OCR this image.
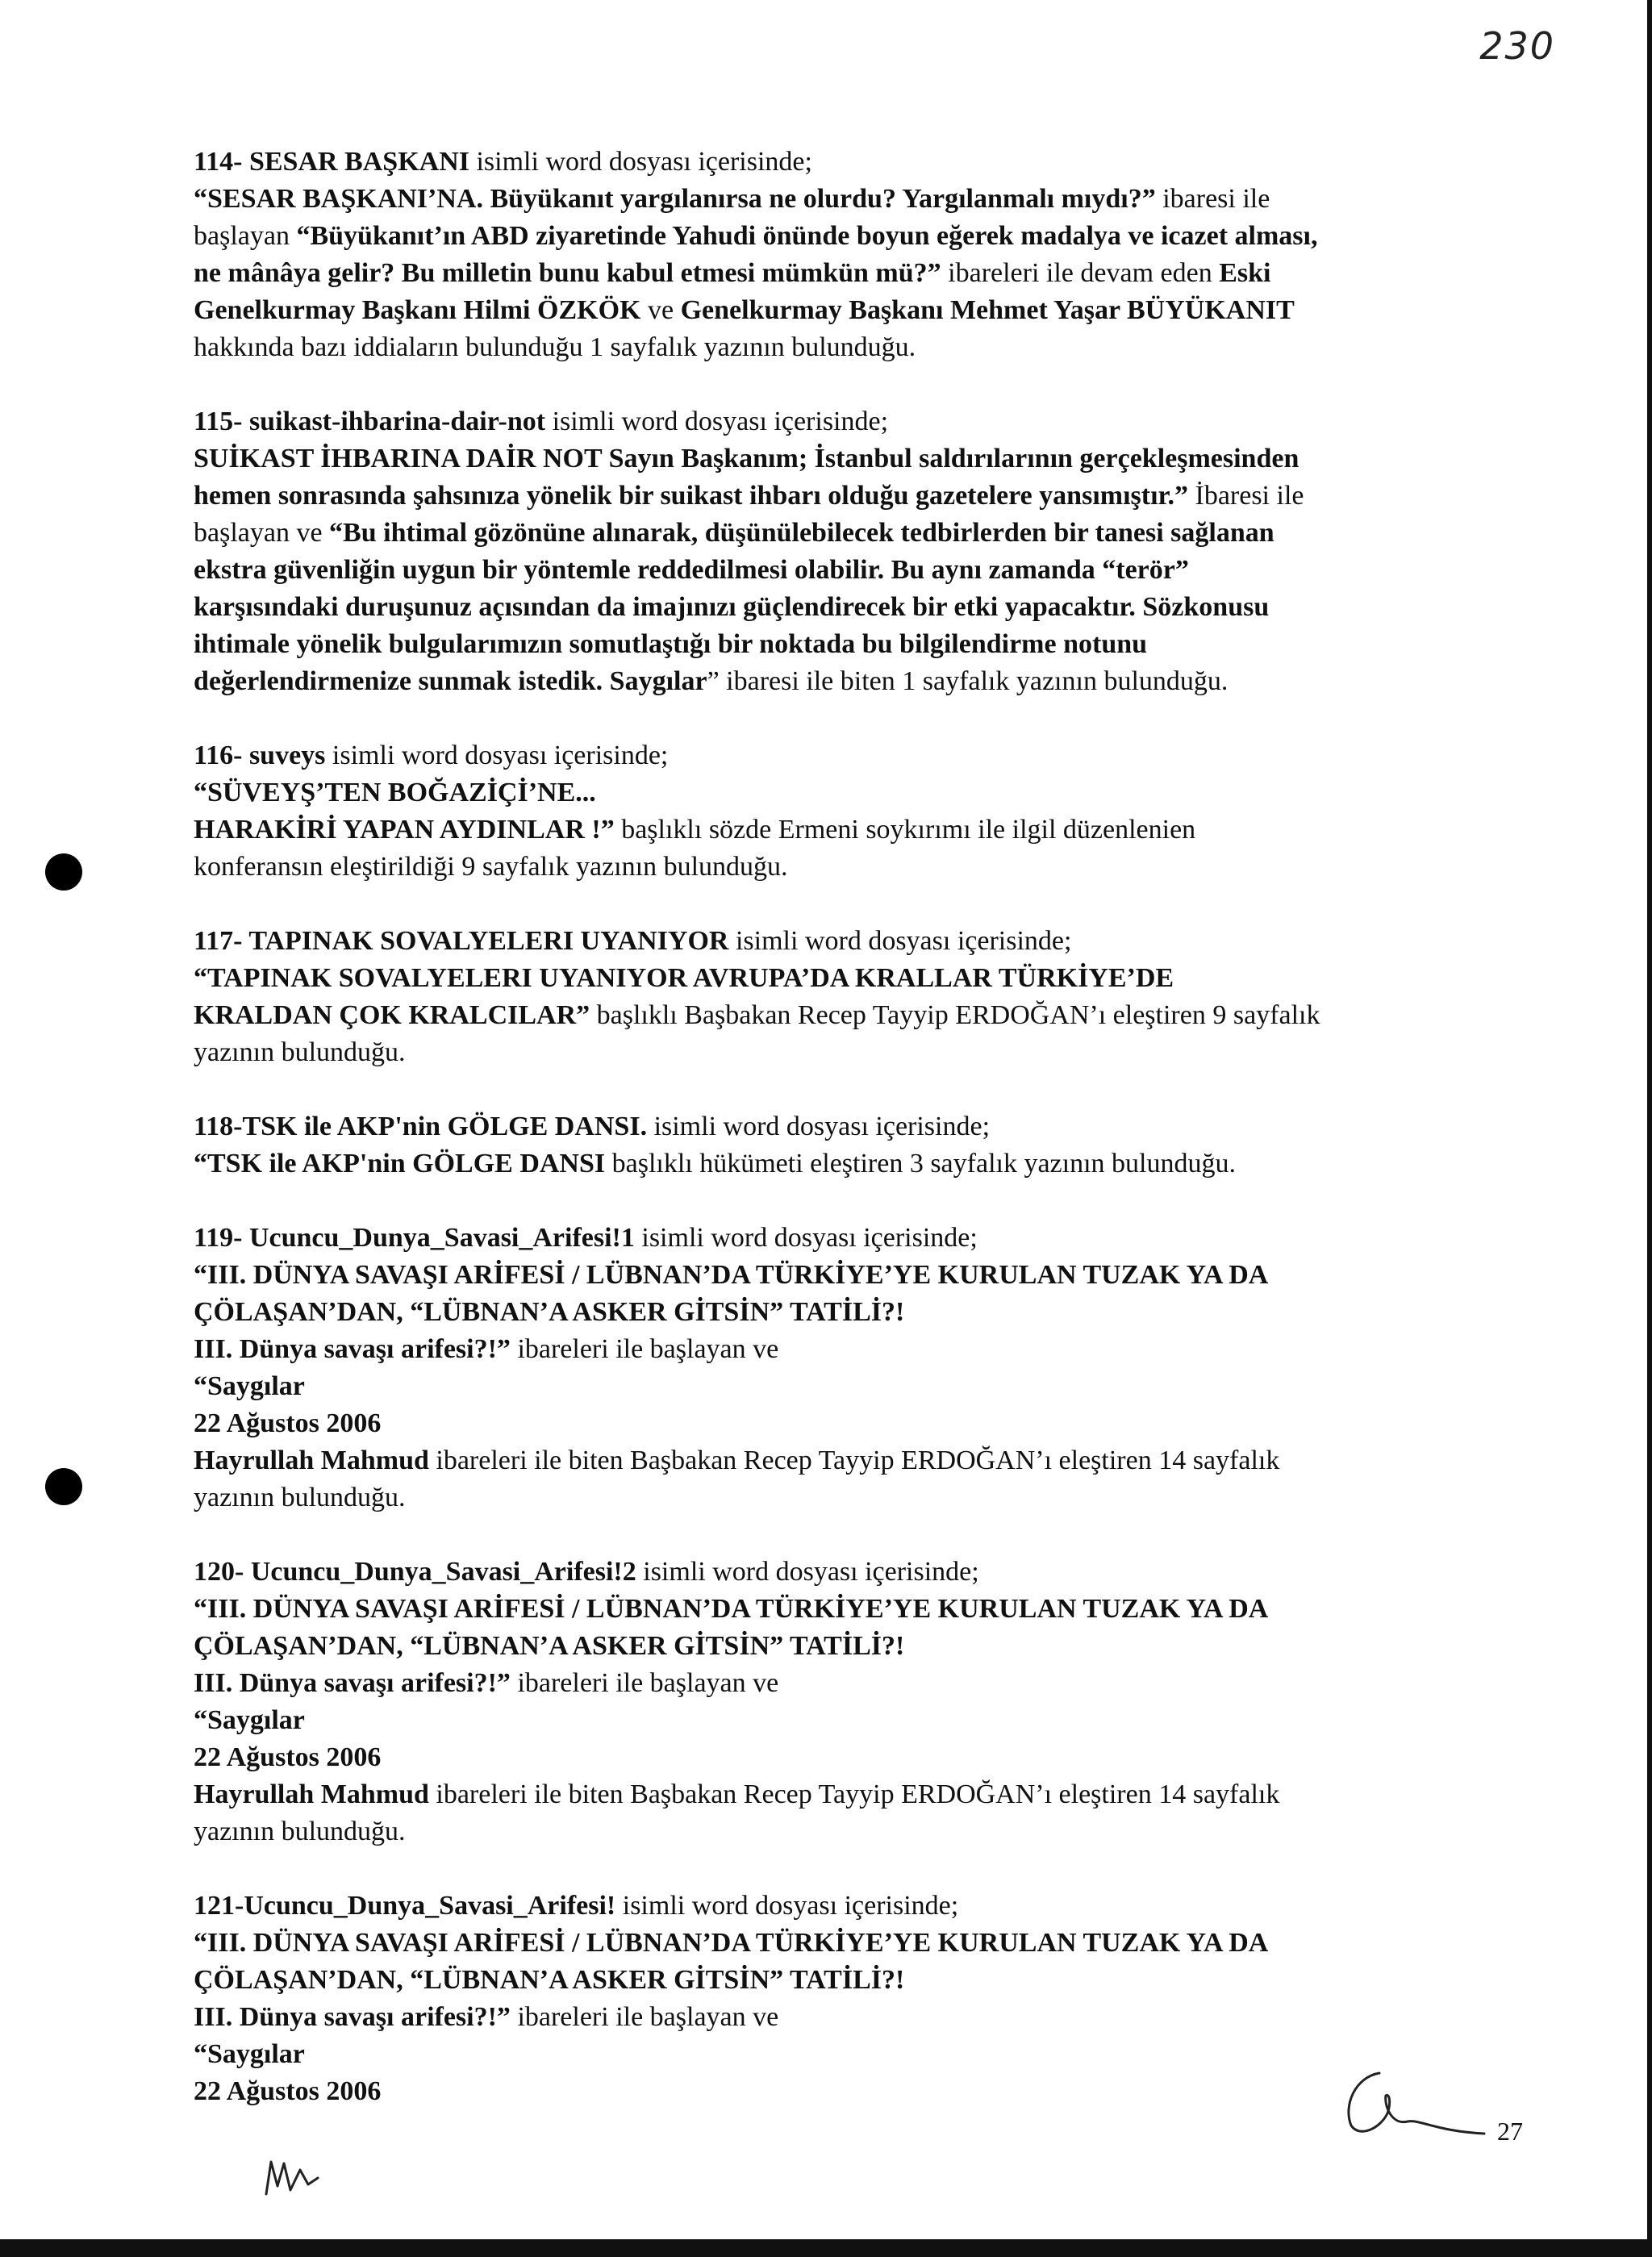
230
114- SESAR BAŞKANI isimli word dosyası içerisinde;
“SESAR BAŞKANI’NA. Büyükanıt yargılanırsa ne olurdu? Yargılanmalı mıydı?” ibaresi ile
başlayan “Büyükanıt’ın ABD ziyaretinde Yahudi önünde boyun eğerek madalya ve icazet alması,
ne mânâya gelir? Bu milletin bunu kabul etmesi mümkün mü?” ibareleri ile devam eden Eski
Genelkurmay Başkanı Hilmi ÖZKÖK ve Genelkurmay Başkanı Mehmet Yaşar BÜYÜKANIT
hakkında bazı iddiaların bulunduğu 1 sayfalık yazının bulunduğu.
115- suikast-ihbarina-dair-not isimli word dosyası içerisinde;
SUİKAST İHBARINA DAİR NOT Sayın Başkanım; İstanbul saldırılarının gerçekleşmesinden
hemen sonrasında şahsınıza yönelik bir suikast ihbarı olduğu gazetelere yansımıştır.” İbaresi ile
başlayan ve “Bu ihtimal gözönüne alınarak, düşünülebilecek tedbirlerden bir tanesi sağlanan
ekstra güvenliğin uygun bir yöntemle reddedilmesi olabilir. Bu aynı zamanda “terör”
karşısındaki duruşunuz açısından da imajınızı güçlendirecek bir etki yapacaktır. Sözkonusu
ihtimale yönelik bulgularımızın somutlaştığı bir noktada bu bilgilendirme notunu
değerlendirmenize sunmak istedik. Saygılar” ibaresi ile biten 1 sayfalık yazının bulunduğu.
116- suveys isimli word dosyası içerisinde;
“SÜVEYŞ’TEN BOĞAZİÇİ’NE...
HARAKİRİ YAPAN AYDINLAR !” başlıklı sözde Ermeni soykırımı ile ilgil düzenlenien
konferansın eleştirildiği 9 sayfalık yazının bulunduğu.
117- TAPINAK SOVALYELERI UYANIYOR isimli word dosyası içerisinde;
“TAPINAK SOVALYELERI UYANIYOR AVRUPA’DA KRALLAR TÜRKİYE’DE
KRALDAN ÇOK KRALCILAR” başlıklı Başbakan Recep Tayyip ERDOĞAN’ı eleştiren 9 sayfalık
yazının bulunduğu.
118-TSK ile AKP'nin GÖLGE DANSI. isimli word dosyası içerisinde;
“TSK ile AKP'nin GÖLGE DANSI başlıklı hükümeti eleştiren 3 sayfalık yazının bulunduğu.
119- Ucuncu_Dunya_Savasi_Arifesi!1 isimli word dosyası içerisinde;
“III. DÜNYA SAVAŞI ARİFESİ / LÜBNAN’DA TÜRKİYE’YE KURULAN TUZAK YA DA
ÇÖLAŞAN’DAN, “LÜBNAN’A ASKER GİTSİN” TATİLİ?!
III. Dünya savaşı arifesi?!” ibareleri ile başlayan ve
“Saygılar
22 Ağustos 2006
Hayrullah Mahmud ibareleri ile biten Başbakan Recep Tayyip ERDOĞAN’ı eleştiren 14 sayfalık
yazının bulunduğu.
120- Ucuncu_Dunya_Savasi_Arifesi!2 isimli word dosyası içerisinde;
“III. DÜNYA SAVAŞI ARİFESİ / LÜBNAN’DA TÜRKİYE’YE KURULAN TUZAK YA DA
ÇÖLAŞAN’DAN, “LÜBNAN’A ASKER GİTSİN” TATİLİ?!
III. Dünya savaşı arifesi?!” ibareleri ile başlayan ve
“Saygılar
22 Ağustos 2006
Hayrullah Mahmud ibareleri ile biten Başbakan Recep Tayyip ERDOĞAN’ı eleştiren 14 sayfalık
yazının bulunduğu.
121-Ucuncu_Dunya_Savasi_Arifesi! isimli word dosyası içerisinde;
“III. DÜNYA SAVAŞI ARİFESİ / LÜBNAN’DA TÜRKİYE’YE KURULAN TUZAK YA DA
ÇÖLAŞAN’DAN, “LÜBNAN’A ASKER GİTSİN” TATİLİ?!
III. Dünya savaşı arifesi?!” ibareleri ile başlayan ve
“Saygılar
22 Ağustos 2006
27
